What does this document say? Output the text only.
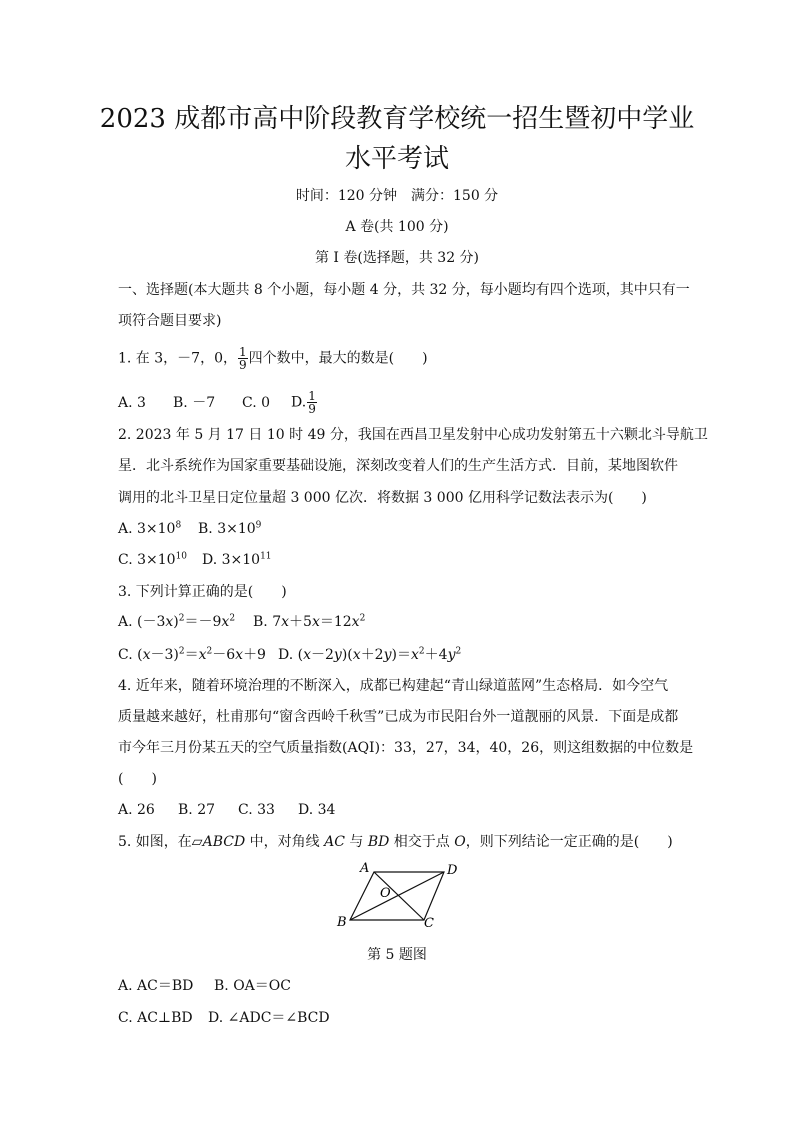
2023 成都市高中阶段教育学校统一招生暨初中学业
水平考试
时间：120 分钟　满分：150 分
A 卷(共 100 分)
第 I 卷(选择题，共 32 分)
一、选择题(本大题共 8 个小题，每小题 4 分，共 32 分，每小题均有四个选项，其中只有一
项符合题目要求)
1. 在 3，－7，0， $\frac{1}{9}$ 四个数中，最大的数是(　　)
A. 3 B. －7 C. 0 D. $\frac{1}{9}$
2. 2023 年 5 月 17 日 10 时 49 分，我国在西昌卫星发射中心成功发射第五十六颗北斗导航卫
星．北斗系统作为国家重要基础设施，深刻改变着人们的生产生活方式．目前，某地图软件
调用的北斗卫星日定位量超 3 000 亿次．将数据 3 000 亿用科学记数法表示为(　　)
A. $3\times 10^8$ B. $3\times 10^9$
C. $3\times 10^{10}$ D. $3\times 10^{11}$
3. 下列计算正确的是(　　)
A. $(-3x)^2=-9x^2$ B. $7x+5x=12x^2$
C. $(x-3)^2=x^2-6x+9$ D. $(x-2y)(x+2y)=x^2+4y^2$
4. 近年来，随着环境治理的不断深入，成都已构建起“青山绿道蓝网”生态格局．如今空气
质量越来越好，杜甫那句“窗含西岭千秋雪”已成为市民阳台外一道靓丽的风景．下面是成都
市今年三月份某五天的空气质量指数(AQI)：33，27，34，40，26，则这组数据的中位数是
(　　)
A. 26 B. 27 C. 33 D. 34
5. 如图，在▱ABCD 中，对角线 AC 与 BD 相交于点 O，则下列结论一定正确的是(　　)
A	D
B	C
O
第 5 题图
A. AC＝BD B. OA＝OC
C. AC⊥BD D. ∠ADC＝∠BCD
